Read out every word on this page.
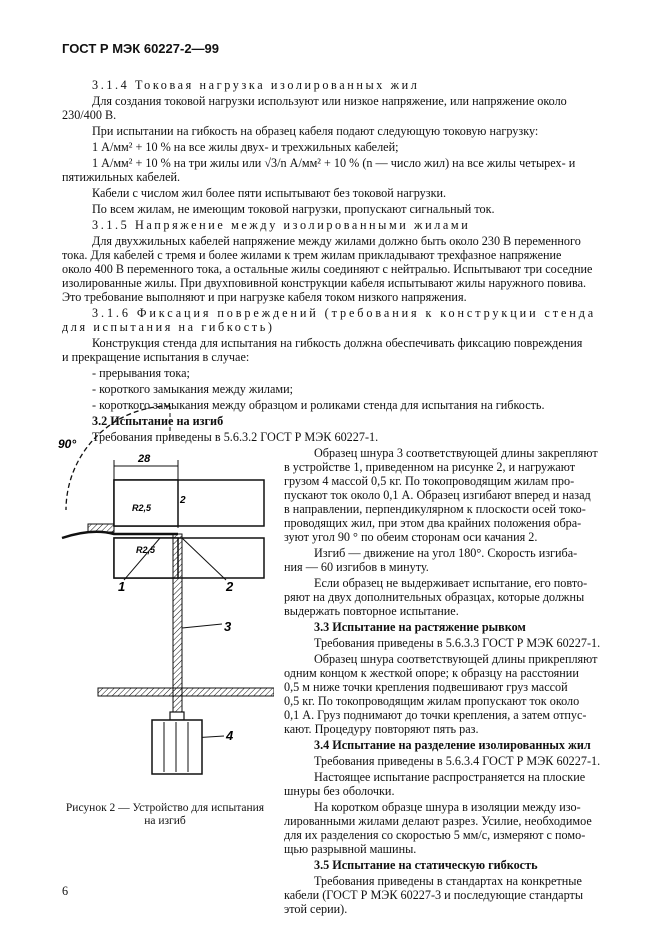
ГОСТ Р МЭК 60227-2—99
3.1.4 Токовая нагрузка изолированных жил
Для создания токовой нагрузки используют или низкое напряжение, или напряжение около
230/400 В.
При испытании на гибкость на образец кабеля подают следующую токовую нагрузку:
1 А/мм² + 10 % на все жилы двух- и трехжильных кабелей;
1 А/мм² + 10 % на три жилы или √3/n А/мм² + 10 % (n — число жил) на все жилы четырех- и
пятижильных кабелей.
Кабели с числом жил более пяти испытывают без токовой нагрузки.
По всем жилам, не имеющим токовой нагрузки, пропускают сигнальный ток.
3.1.5 Напряжение между изолированными жилами
Для двухжильных кабелей напряжение между жилами должно быть около 230 В переменного
тока. Для кабелей с тремя и более жилами к трем жилам прикладывают трехфазное напряжение
около 400 В переменного тока, а остальные жилы соединяют с нейтралью. Испытывают три соседние
изолированные жилы. При двухповивной конструкции кабеля испытывают жилы наружного повива.
Это требование выполняют и при нагрузке кабеля током низкого напряжения.
3.1.6 Фиксация повреждений (требования к конструкции стенда
для испытания на гибкость)
Конструкция стенда для испытания на гибкость должна обеспечивать фиксацию повреждения
и прекращение испытания в случае:
- прерывания тока;
- короткого замыкания между жилами;
- короткого замыкания между образцом и роликами стенда для испытания на гибкость.
3.2 Испытание на изгиб
Требования приведены в 5.6.3.2 ГОСТ Р МЭК 60227-1.
Образец шнура 3 соответствующей длины закрепляют
в устройстве 1, приведенном на рисунке 2, и нагружают
грузом 4 массой 0,5 кг. По токопроводящим жилам про-
пускают ток около 0,1 А. Образец изгибают вперед и назад
в направлении, перпендикулярном к плоскости осей токо-
проводящих жил, при этом два крайних положения обра-
зуют угол 90 ° по обеим сторонам оси качания 2.
Изгиб — движение на угол 180°. Скорость изгиба-
ния — 60 изгибов в минуту.
Если образец не выдерживает испытание, его повто-
ряют на двух дополнительных образцах, которые должны
выдержать повторное испытание.
3.3 Испытание на растяжение рывком
Требования приведены в 5.6.3.3 ГОСТ Р МЭК 60227-1.
Образец шнура соответствующей длины прикрепляют
одним концом к жесткой опоре; к образцу на расстоянии
0,5 м ниже точки крепления подвешивают груз массой
0,5 кг. По токопроводящим жилам пропускают ток около
0,1 А. Груз поднимают до точки крепления, а затем отпус-
кают. Процедуру повторяют пять раз.
3.4 Испытание на разделение изолированных жил
Требования приведены в 5.6.3.4 ГОСТ Р МЭК 60227-1.
Настоящее испытание распространяется на плоские
шнуры без оболочки.
На коротком образце шнура в изоляции между изо-
лированными жилами делают разрез. Усилие, необходимое
для их разделения со скоростью 5 мм/с, измеряют с помо-
щью разрывной машины.
3.5 Испытание на статическую гибкость
Требования приведены в стандартах на конкретные
кабели (ГОСТ Р МЭК 60227-3 и последующие стандарты
этой серии).
90°
28
R2,5
R2,5
2
1	2
3
4
Рисунок 2 — Устройство для испытания на изгиб
6
